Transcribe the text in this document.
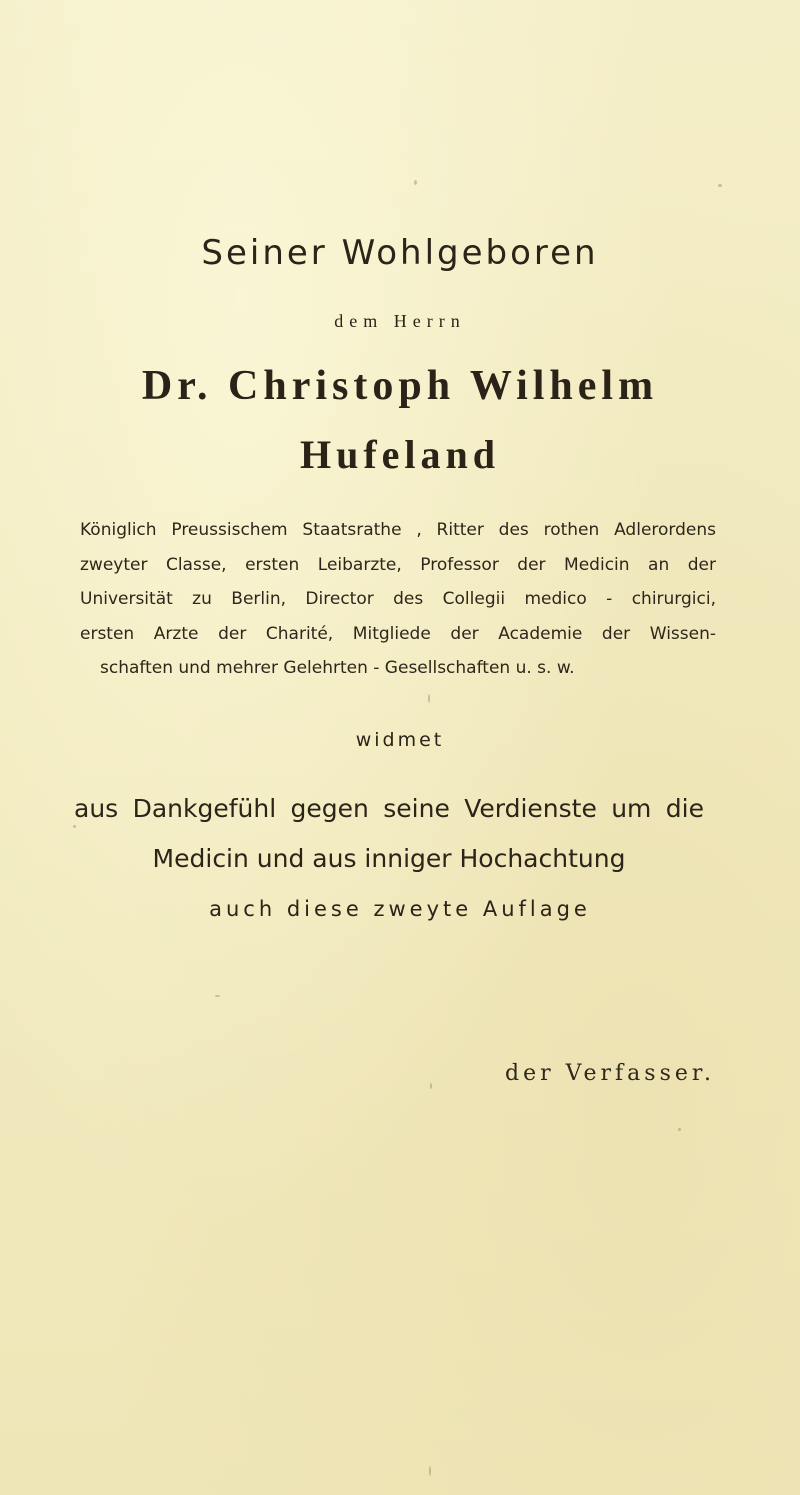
Seiner Wohlgeboren
dem Herrn
Dr. Christoph Wilhelm
Hufeland
Königlich Preussischem Staatsrathe , Ritter des rothen Adlerordens
zweyter Classe, ersten Leibarzte, Professor der Medicin an der
Universität zu Berlin, Director des Collegii medico - chirurgici,
ersten Arzte der Charité, Mitgliede der Academie der Wissen-
schaften und mehrer Gelehrten - Gesellschaften u. s. w.
widmet
aus Dankgefühl gegen seine Verdienste um die
Medicin und aus inniger Hochachtung
auch diese zweyte Auflage
der Verfasser.
